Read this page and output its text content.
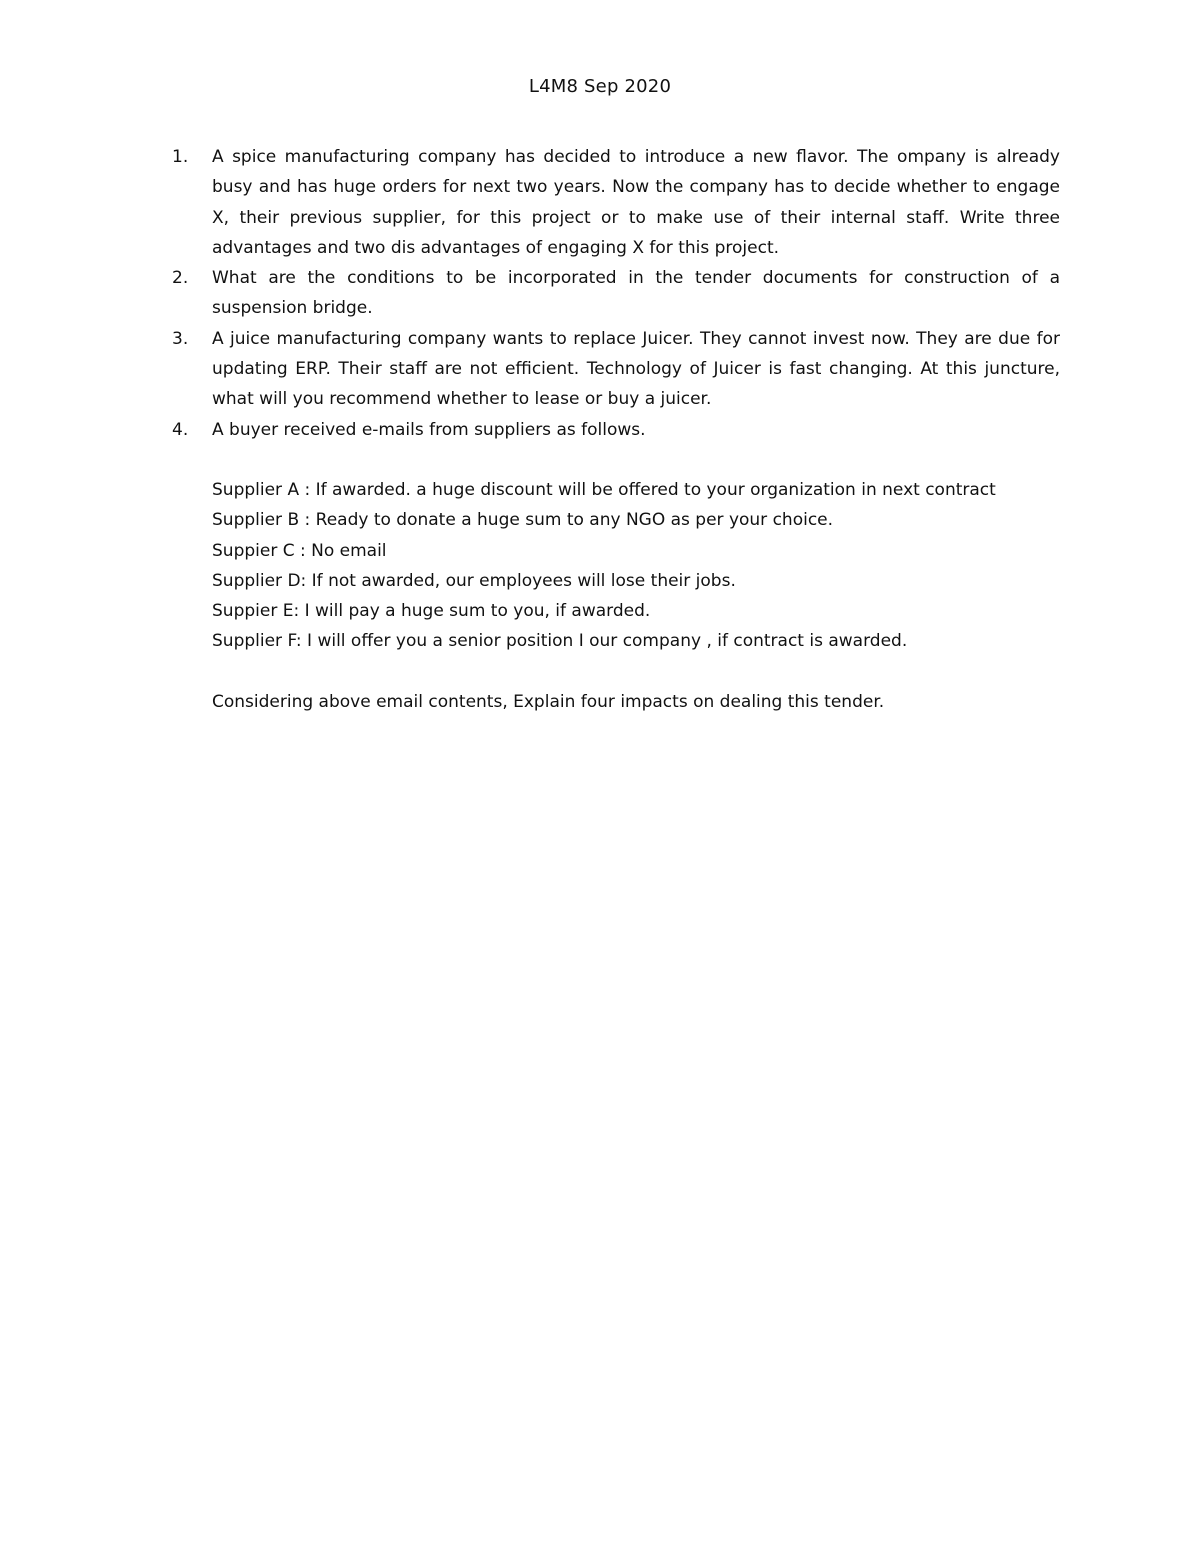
L4M8 Sep 2020
1.	A spice manufacturing company has decided to introduce a new flavor. The ompany is already busy and has huge orders for next two years. Now the company has to decide whether to engage X, their previous supplier, for this project or to make use of their internal staff. Write three advantages and two dis advantages of engaging X for this project.
2.	What are the conditions to be incorporated in the tender documents for construction of a suspension bridge.
3.	A juice manufacturing company wants to replace Juicer. They cannot invest now. They are due for updating ERP. Their staff are not efficient. Technology of Juicer is fast changing. At this juncture, what will you recommend whether to lease or buy a juicer.
4.	A buyer received e-mails from suppliers as follows.
Supplier A : If awarded. a huge discount will be offered to your organization in next contract
Supplier B : Ready to donate a huge sum to any NGO as per your choice.
Suppier C : No email
Supplier D: If not awarded, our employees will lose their jobs.
Suppier E: I will pay a huge sum to you, if awarded.
Supplier F: I will offer you a senior position I our company , if contract is awarded.
Considering above email contents, Explain four impacts on dealing this tender.
